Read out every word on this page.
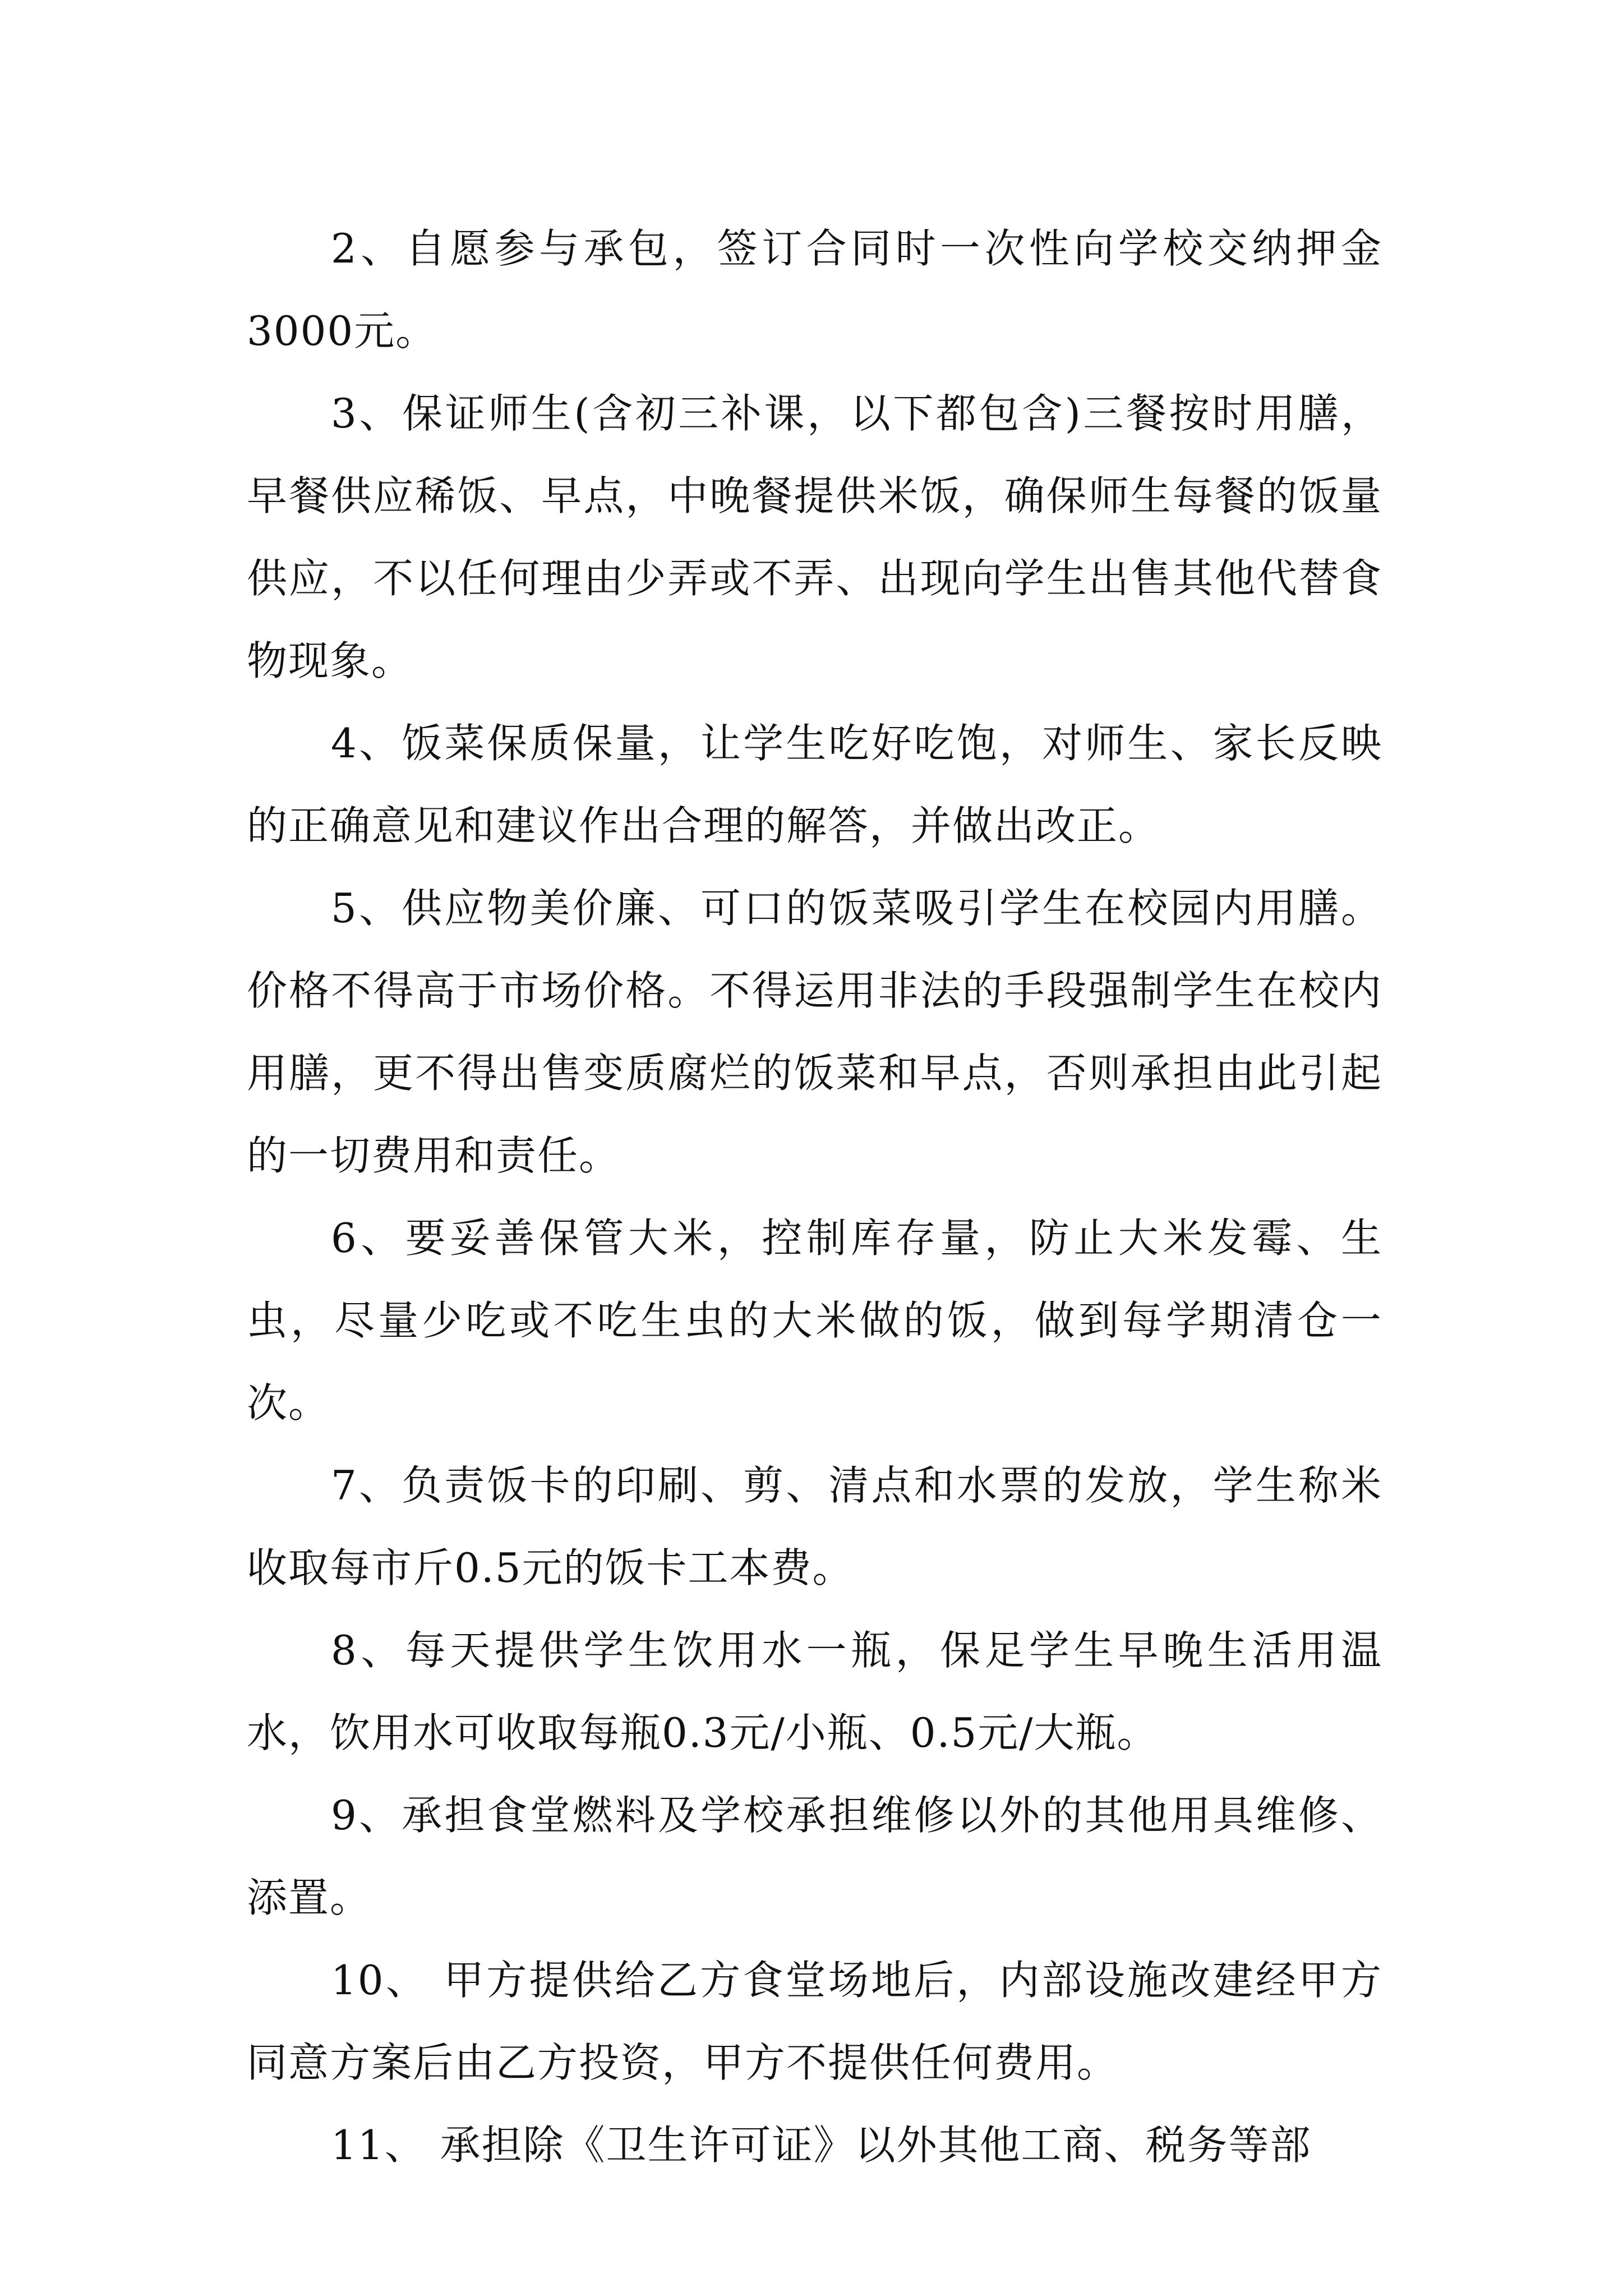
2、自愿参与承包，签订合同时一次性向学校交纳押金3000元。

3、保证师生(含初三补课，以下都包含)三餐按时用膳，早餐供应稀饭、早点，中晚餐提供米饭，确保师生每餐的饭量供应，不以任何理由少弄或不弄、出现向学生出售其他代替食物现象。

4、饭菜保质保量，让学生吃好吃饱，对师生、家长反映的正确意见和建议作出合理的解答，并做出改正。

5、供应物美价廉、可口的饭菜吸引学生在校园内用膳。价格不得高于市场价格。不得运用非法的手段强制学生在校内用膳，更不得出售变质腐烂的饭菜和早点，否则承担由此引起的一切费用和责任。

6、要妥善保管大米，控制库存量，防止大米发霉、生虫，尽量少吃或不吃生虫的大米做的饭，做到每学期清仓一次。

7、负责饭卡的印刷、剪、清点和水票的发放，学生称米收取每市斤0.5元的饭卡工本费。

8、每天提供学生饮用水一瓶，保足学生早晚生活用温水，饮用水可收取每瓶0.3元/小瓶、0.5元/大瓶。

9、承担食堂燃料及学校承担维修以外的其他用具维修、添置。

10、 甲方提供给乙方食堂场地后，内部设施改建经甲方同意方案后由乙方投资，甲方不提供任何费用。

11、 承担除《卫生许可证》以外其他工商、税务等部
